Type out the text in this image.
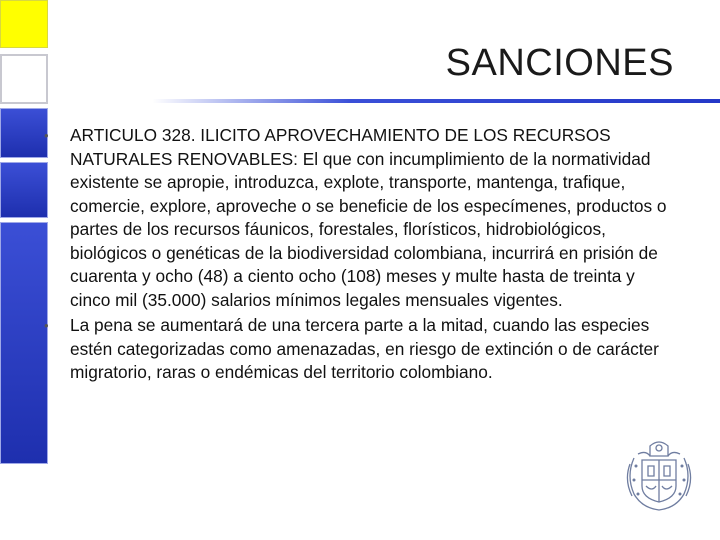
SANCIONES
•	ARTICULO 328. ILICITO APROVECHAMIENTO DE LOS RECURSOS NATURALES RENOVABLES: El que con incumplimiento de la normatividad existente se apropie, introduzca, explote, transporte, mantenga, trafique, comercie, explore, aproveche o se beneficie de los especímenes, productos o partes de los recursos fáunicos, forestales, florísticos, hidrobiológicos, biológicos o genéticas de la biodiversidad colombiana, incurrirá en prisión de cuarenta y ocho (48) a ciento ocho (108) meses y multe hasta de treinta y cinco mil (35.000) salarios mínimos legales mensuales vigentes.
•	La pena se aumentará de una tercera parte a la mitad, cuando las especies estén categorizadas como amenazadas, en riesgo de extinción o de carácter migratorio, raras o endémicas del territorio colombiano.
